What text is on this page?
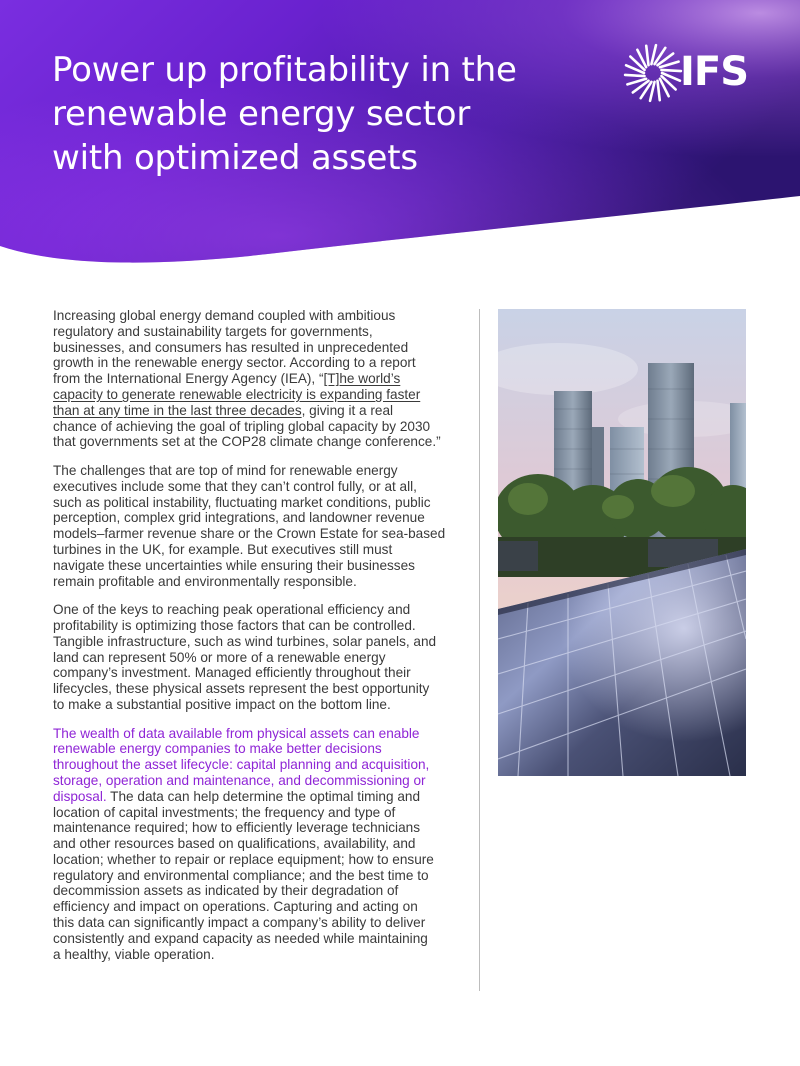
Power up profitability in the
renewable energy sector
with optimized assets
IFS

Increasing global energy demand coupled with ambitious
regulatory and sustainability targets for governments,
businesses, and consumers has resulted in unprecedented
growth in the renewable energy sector. According to a report
from the International Energy Agency (IEA), “[T]he world’s
capacity to generate renewable electricity is expanding faster
than at any time in the last three decades, giving it a real
chance of achieving the goal of tripling global capacity by 2030
that governments set at the COP28 climate change conference.”

The challenges that are top of mind for renewable energy
executives include some that they can’t control fully, or at all,
such as political instability, fluctuating market conditions, public
perception, complex grid integrations, and landowner revenue
models–farmer revenue share or the Crown Estate for sea-based
turbines in the UK, for example. But executives still must
navigate these uncertainties while ensuring their businesses
remain profitable and environmentally responsible.

One of the keys to reaching peak operational efficiency and
profitability is optimizing those factors that can be controlled.
Tangible infrastructure, such as wind turbines, solar panels, and
land can represent 50% or more of a renewable energy
company’s investment. Managed efficiently throughout their
lifecycles, these physical assets represent the best opportunity
to make a substantial positive impact on the bottom line.

The wealth of data available from physical assets can enable
renewable energy companies to make better decisions
throughout the asset lifecycle: capital planning and acquisition,
storage, operation and maintenance, and decommissioning or
disposal. The data can help determine the optimal timing and
location of capital investments; the frequency and type of
maintenance required; how to efficiently leverage technicians
and other resources based on qualifications, availability, and
location; whether to repair or replace equipment; how to ensure
regulatory and environmental compliance; and the best time to
decommission assets as indicated by their degradation of
efficiency and impact on operations. Capturing and acting on
this data can significantly impact a company’s ability to deliver
consistently and expand capacity as needed while maintaining
a healthy, viable operation.
